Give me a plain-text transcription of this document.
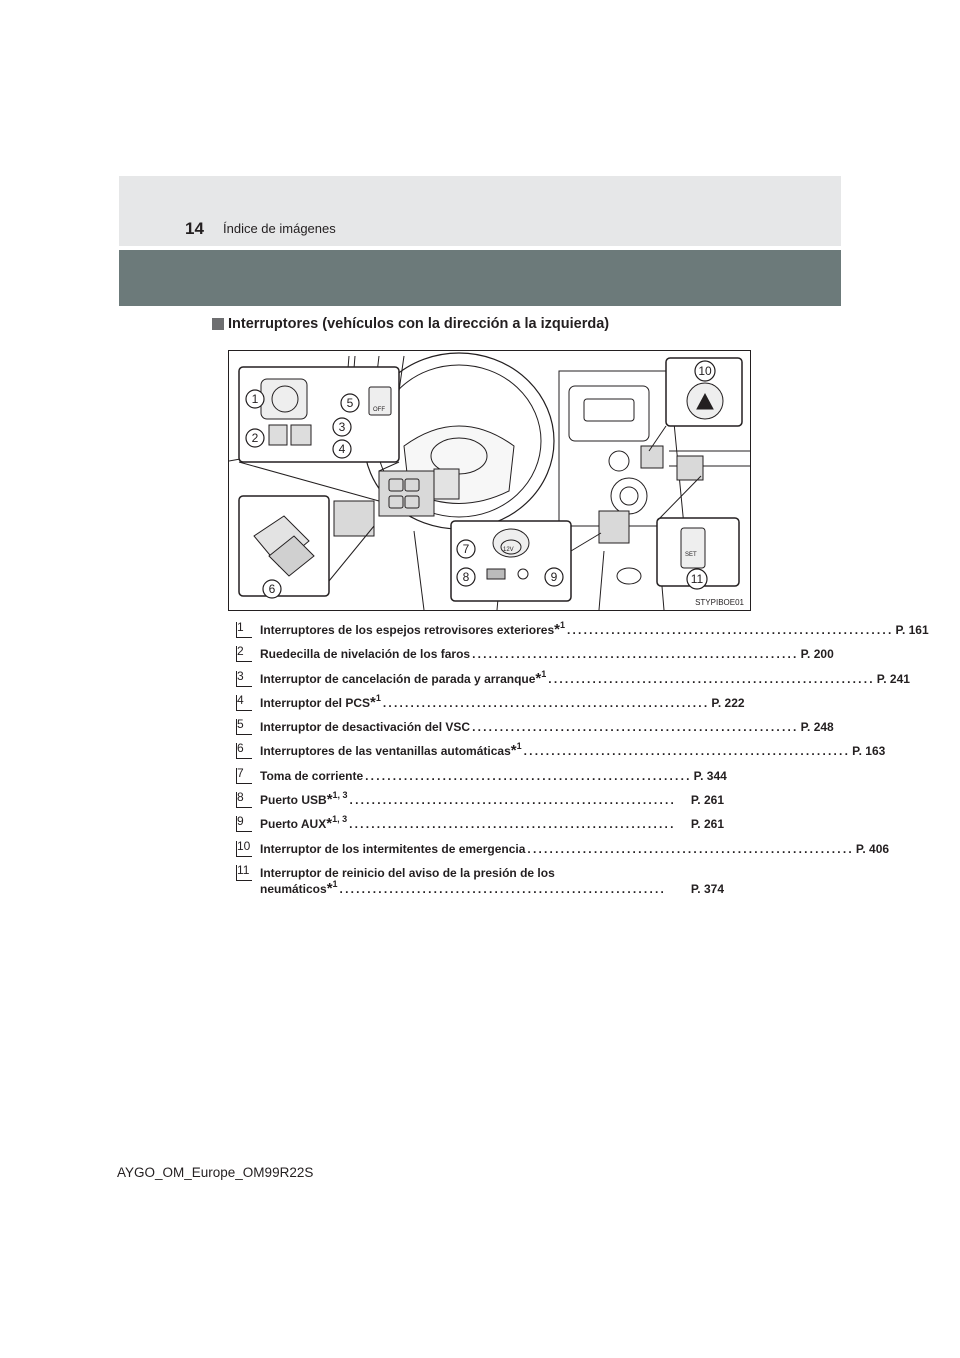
14 Índice de imágenes
Interruptores (vehículos con la dirección a la izquierda)
OFF
12V
SET
1
2
3
4
5
6
7
8	9
10
11
STYPIBOE01
1 Interruptores de los espejos retrovisores exteriores*$^1$ ........................................................... P. 161
2 Ruedecilla de nivelación de los faros ........................................................... P. 200
3 Interruptor de cancelación de parada y arranque*$^1$ ........................................................... P. 241
4 Interruptor del PCS*$^1$ ........................................................... P. 222
5 Interruptor de desactivación del VSC ........................................................... P. 248
6 Interruptores de las ventanillas automáticas*$^1$ ........................................................... P. 163
7 Toma de corriente ........................................................... P. 344
8 Puerto USB*$^{1, 3}$ ...........................................................	P. 261
9 Puerto AUX*$^{1, 3}$ ...........................................................	P. 261
10 Interruptor de los intermitentes de emergencia ........................................................... P. 406
11 Interruptor de reinicio del aviso de la presión de los
neumáticos*$^1$ ...........................................................	P. 374
AYGO_OM_Europe_OM99R22S
